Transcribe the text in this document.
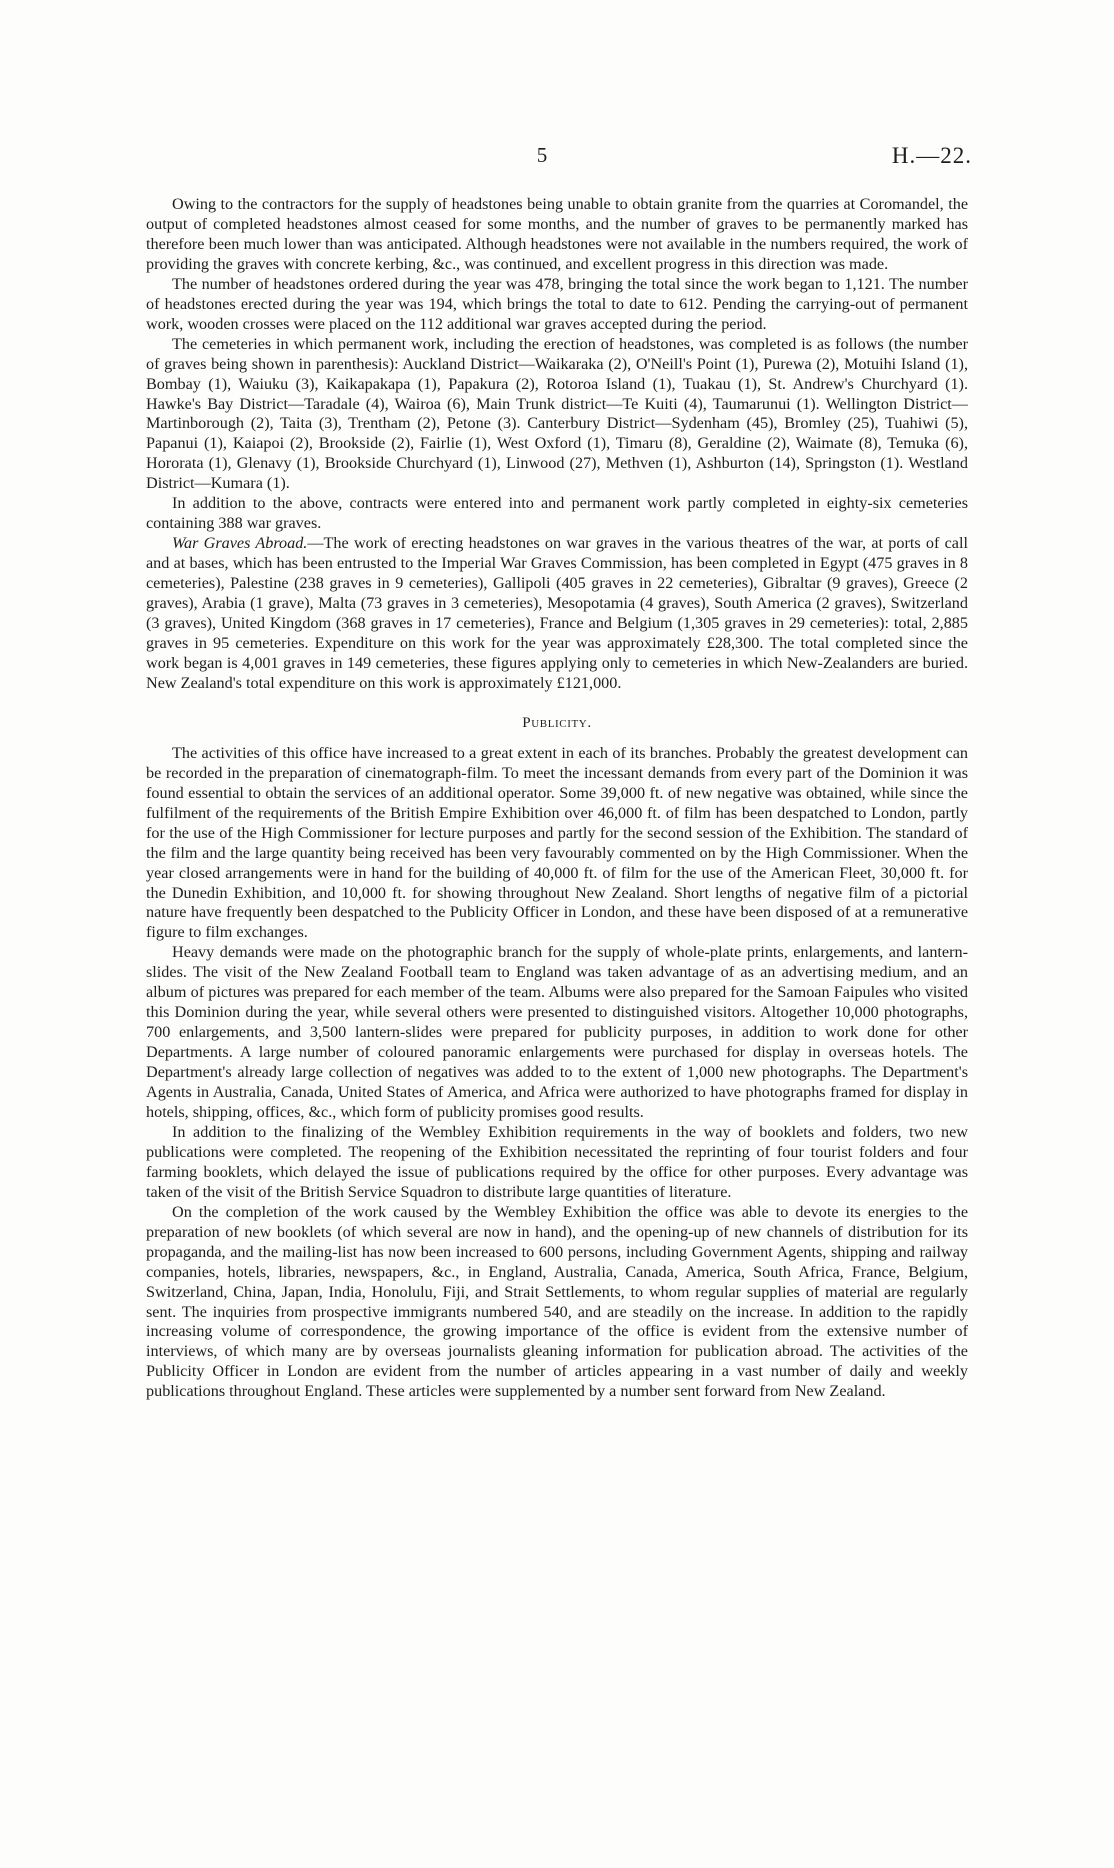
5	H.—22.

Owing to the contractors for the supply of headstones being unable to obtain granite from the quarries at Coromandel, the output of completed headstones almost ceased for some months, and the number of graves to be permanently marked has therefore been much lower than was anticipated. Although headstones were not available in the numbers required, the work of providing the graves with concrete kerbing, &c., was continued, and excellent progress in this direction was made.

The number of headstones ordered during the year was 478, bringing the total since the work began to 1,121. The number of headstones erected during the year was 194, which brings the total to date to 612. Pending the carrying-out of permanent work, wooden crosses were placed on the 112 additional war graves accepted during the period.

The cemeteries in which permanent work, including the erection of headstones, was completed is as follows (the number of graves being shown in parenthesis): Auckland District—Waikaraka (2), O'Neill's Point (1), Purewa (2), Motuihi Island (1), Bombay (1), Waiuku (3), Kaikapakapa (1), Papakura (2), Rotoroa Island (1), Tuakau (1), St. Andrew's Churchyard (1). Hawke's Bay District—Taradale (4), Wairoa (6), Main Trunk district—Te Kuiti (4), Taumarunui (1). Wellington District—Martinborough (2), Taita (3), Trentham (2), Petone (3). Canterbury District—Sydenham (45), Bromley (25), Tuahiwi (5), Papanui (1), Kaiapoi (2), Brookside (2), Fairlie (1), West Oxford (1), Timaru (8), Geraldine (2), Waimate (8), Temuka (6), Hororata (1), Glenavy (1), Brookside Churchyard (1), Linwood (27), Methven (1), Ashburton (14), Springston (1). Westland District—Kumara (1).

In addition to the above, contracts were entered into and permanent work partly completed in eighty-six cemeteries containing 388 war graves.

War Graves Abroad.—The work of erecting headstones on war graves in the various theatres of the war, at ports of call and at bases, which has been entrusted to the Imperial War Graves Commission, has been completed in Egypt (475 graves in 8 cemeteries), Palestine (238 graves in 9 cemeteries), Gallipoli (405 graves in 22 cemeteries), Gibraltar (9 graves), Greece (2 graves), Arabia (1 grave), Malta (73 graves in 3 cemeteries), Mesopotamia (4 graves), South America (2 graves), Switzerland (3 graves), United Kingdom (368 graves in 17 cemeteries), France and Belgium (1,305 graves in 29 cemeteries): total, 2,885 graves in 95 cemeteries. Expenditure on this work for the year was approximately £28,300. The total completed since the work began is 4,001 graves in 149 cemeteries, these figures applying only to cemeteries in which New-Zealanders are buried. New Zealand's total expenditure on this work is approximately £121,000.

Publicity.

The activities of this office have increased to a great extent in each of its branches. Probably the greatest development can be recorded in the preparation of cinematograph-film. To meet the incessant demands from every part of the Dominion it was found essential to obtain the services of an additional operator. Some 39,000 ft. of new negative was obtained, while since the fulfilment of the requirements of the British Empire Exhibition over 46,000 ft. of film has been despatched to London, partly for the use of the High Commissioner for lecture purposes and partly for the second session of the Exhibition. The standard of the film and the large quantity being received has been very favourably commented on by the High Commissioner. When the year closed arrangements were in hand for the building of 40,000 ft. of film for the use of the American Fleet, 30,000 ft. for the Dunedin Exhibition, and 10,000 ft. for showing throughout New Zealand. Short lengths of negative film of a pictorial nature have frequently been despatched to the Publicity Officer in London, and these have been disposed of at a remunerative figure to film exchanges.

Heavy demands were made on the photographic branch for the supply of whole-plate prints, enlargements, and lantern-slides. The visit of the New Zealand Football team to England was taken advantage of as an advertising medium, and an album of pictures was prepared for each member of the team. Albums were also prepared for the Samoan Faipules who visited this Dominion during the year, while several others were presented to distinguished visitors. Altogether 10,000 photographs, 700 enlargements, and 3,500 lantern-slides were prepared for publicity purposes, in addition to work done for other Departments. A large number of coloured panoramic enlargements were purchased for display in overseas hotels. The Department's already large collection of negatives was added to to the extent of 1,000 new photographs. The Department's Agents in Australia, Canada, United States of America, and Africa were authorized to have photographs framed for display in hotels, shipping, offices, &c., which form of publicity promises good results.

In addition to the finalizing of the Wembley Exhibition requirements in the way of booklets and folders, two new publications were completed. The reopening of the Exhibition necessitated the reprinting of four tourist folders and four farming booklets, which delayed the issue of publications required by the office for other purposes. Every advantage was taken of the visit of the British Service Squadron to distribute large quantities of literature.

On the completion of the work caused by the Wembley Exhibition the office was able to devote its energies to the preparation of new booklets (of which several are now in hand), and the opening-up of new channels of distribution for its propaganda, and the mailing-list has now been increased to 600 persons, including Government Agents, shipping and railway companies, hotels, libraries, newspapers, &c., in England, Australia, Canada, America, South Africa, France, Belgium, Switzerland, China, Japan, India, Honolulu, Fiji, and Strait Settlements, to whom regular supplies of material are regularly sent. The inquiries from prospective immigrants numbered 540, and are steadily on the increase. In addition to the rapidly increasing volume of correspondence, the growing importance of the office is evident from the extensive number of interviews, of which many are by overseas journalists gleaning information for publication abroad. The activities of the Publicity Officer in London are evident from the number of articles appearing in a vast number of daily and weekly publications throughout England. These articles were supplemented by a number sent forward from New Zealand.
